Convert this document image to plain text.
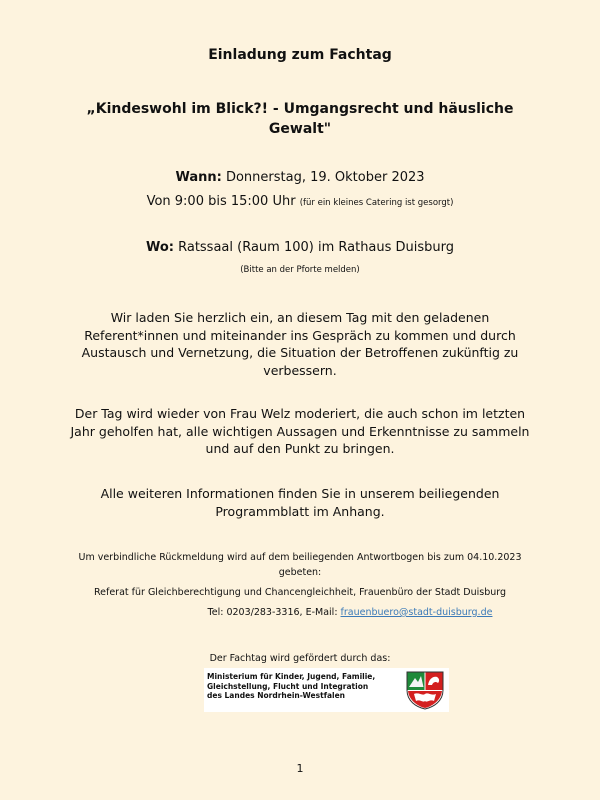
Einladung zum Fachtag
„Kindeswohl im Blick?! - Umgangsrecht und häusliche Gewalt"
Wann: Donnerstag, 19. Oktober 2023
Von 9:00 bis 15:00 Uhr (für ein kleines Catering ist gesorgt)
Wo: Ratssaal (Raum 100) im Rathaus Duisburg
(Bitte an der Pforte melden)
Wir laden Sie herzlich ein, an diesem Tag mit den geladenen Referent*innen und miteinander ins Gespräch zu kommen und durch Austausch und Vernetzung, die Situation der Betroffenen zukünftig zu verbessern.
Der Tag wird wieder von Frau Welz moderiert, die auch schon im letzten Jahr geholfen hat, alle wichtigen Aussagen und Erkenntnisse zu sammeln und auf den Punkt zu bringen.
Alle weiteren Informationen finden Sie in unserem beiliegenden Programmblatt im Anhang.
Um verbindliche Rückmeldung wird auf dem beiliegenden Antwortbogen bis zum 04.10.2023 gebeten:
Referat für Gleichberechtigung und Chancengleichheit, Frauenbüro der Stadt Duisburg
Tel: 0203/283-3316, E-Mail: frauenbuero@stadt-duisburg.de
Der Fachtag wird gefördert durch das:
Ministerium für Kinder, Jugend, Familie,
Gleichstellung, Flucht und Integration
des Landes Nordrhein-Westfalen
1
